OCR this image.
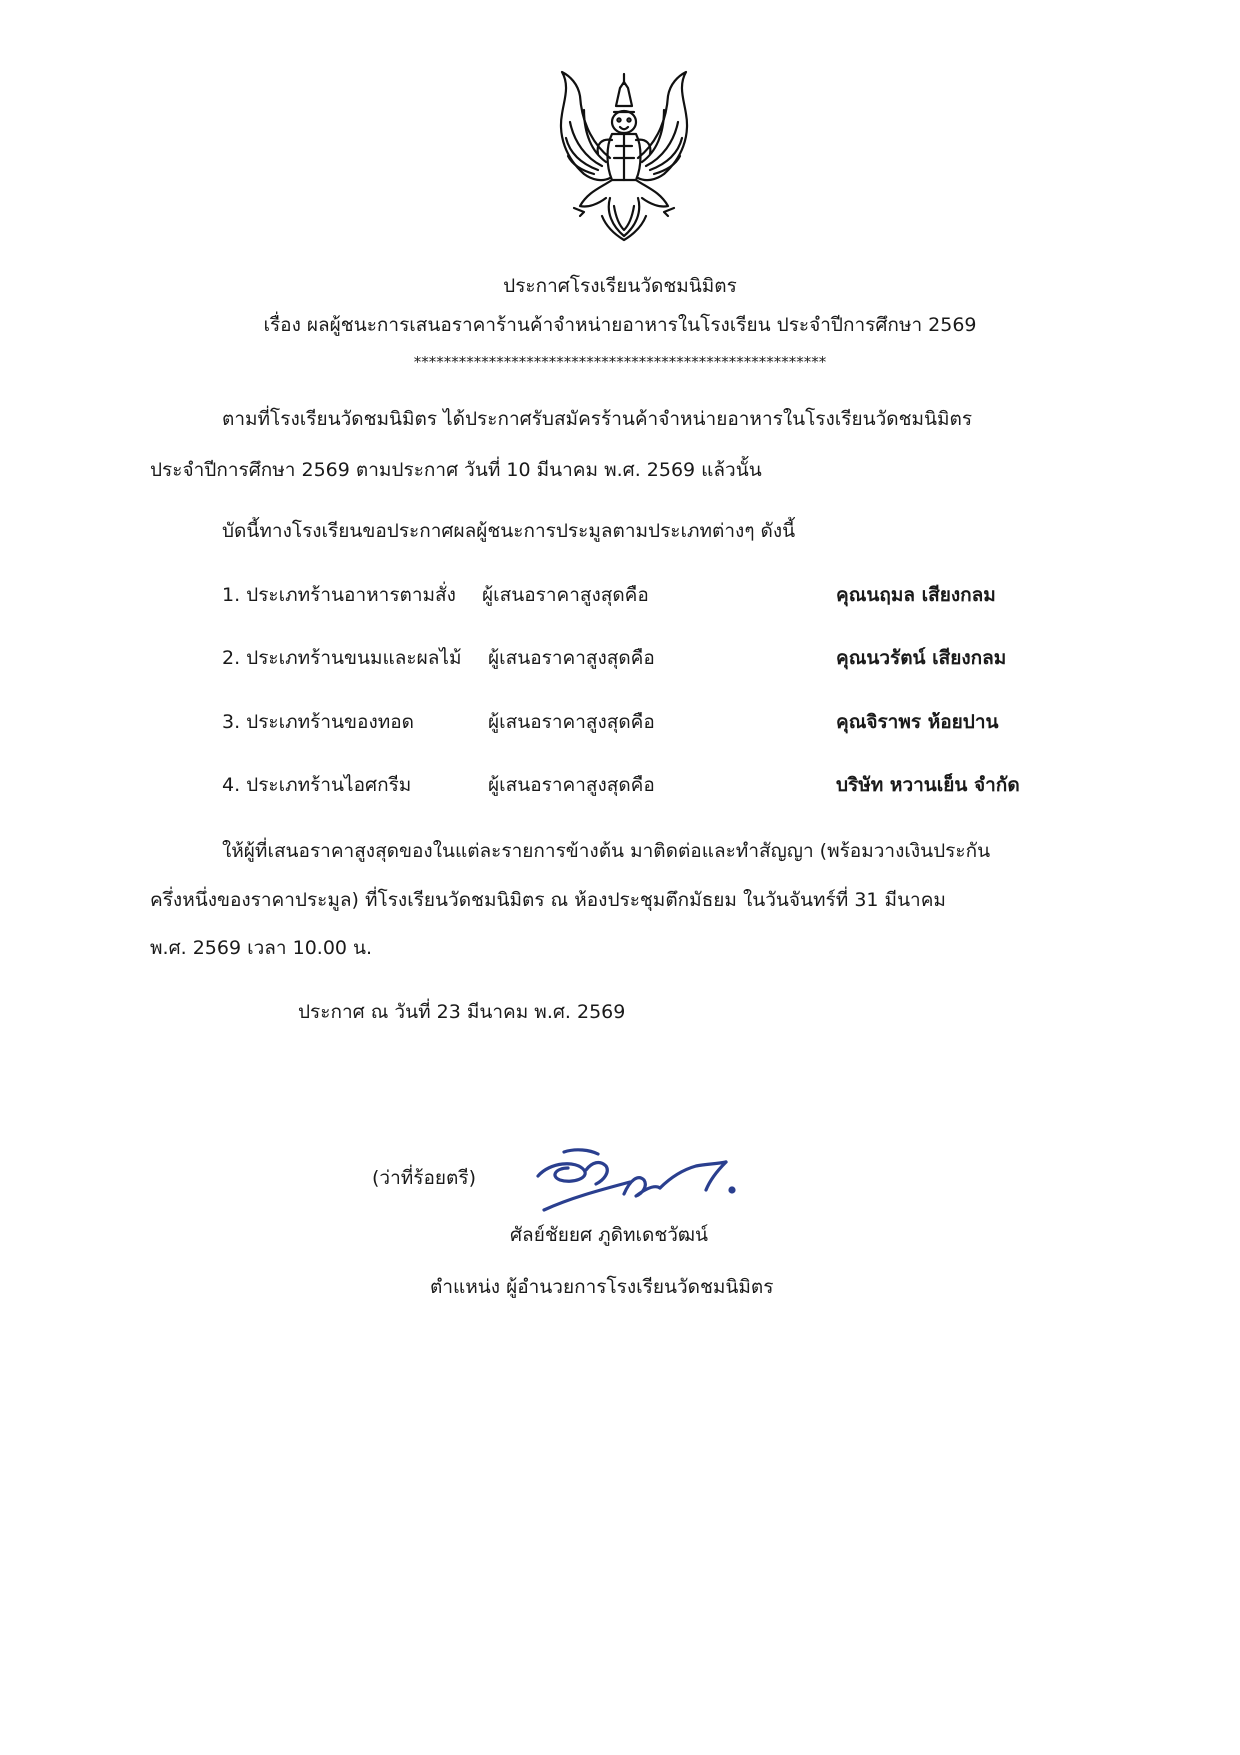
ประกาศโรงเรียนวัดชมนิมิตร
เรื่อง ผลผู้ชนะการเสนอราคาร้านค้าจำหน่ายอาหารในโรงเรียน ประจำปีการศึกษา 2569
*******************************************************
ตามที่โรงเรียนวัดชมนิมิตร ได้ประกาศรับสมัครร้านค้าจำหน่ายอาหารในโรงเรียนวัดชมนิมิตร
ประจำปีการศึกษา 2569 ตามประกาศ วันที่ 10 มีนาคม พ.ศ. 2569 แล้วนั้น
บัดนี้ทางโรงเรียนขอประกาศผลผู้ชนะการประมูลตามประเภทต่างๆ ดังนี้
1. ประเภทร้านอาหารตามสั่ง ผู้เสนอราคาสูงสุดคือ	คุณนฤมล เสียงกลม
2. ประเภทร้านขนมและผลไม้ ผู้เสนอราคาสูงสุดคือ	คุณนวรัตน์ เสียงกลม
3. ประเภทร้านของทอด	ผู้เสนอราคาสูงสุดคือ	คุณจิราพร ห้อยปาน
4. ประเภทร้านไอศกรีม	ผู้เสนอราคาสูงสุดคือ	บริษัท หวานเย็น จำกัด
ให้ผู้ที่เสนอราคาสูงสุดของในแต่ละรายการข้างต้น มาติดต่อและทำสัญญา (พร้อมวางเงินประกัน
ครึ่งหนึ่งของราคาประมูล) ที่โรงเรียนวัดชมนิมิตร ณ ห้องประชุมตึกมัธยม ในวันจันทร์ที่ 31 มีนาคม
พ.ศ. 2569 เวลา 10.00 น.
ประกาศ ณ วันที่ 23 มีนาคม พ.ศ. 2569
(ว่าที่ร้อยตรี)
ศัลย์ชัยยศ ภูดิทเดชวัฒน์
ตำแหน่ง ผู้อำนวยการโรงเรียนวัดชมนิมิตร
